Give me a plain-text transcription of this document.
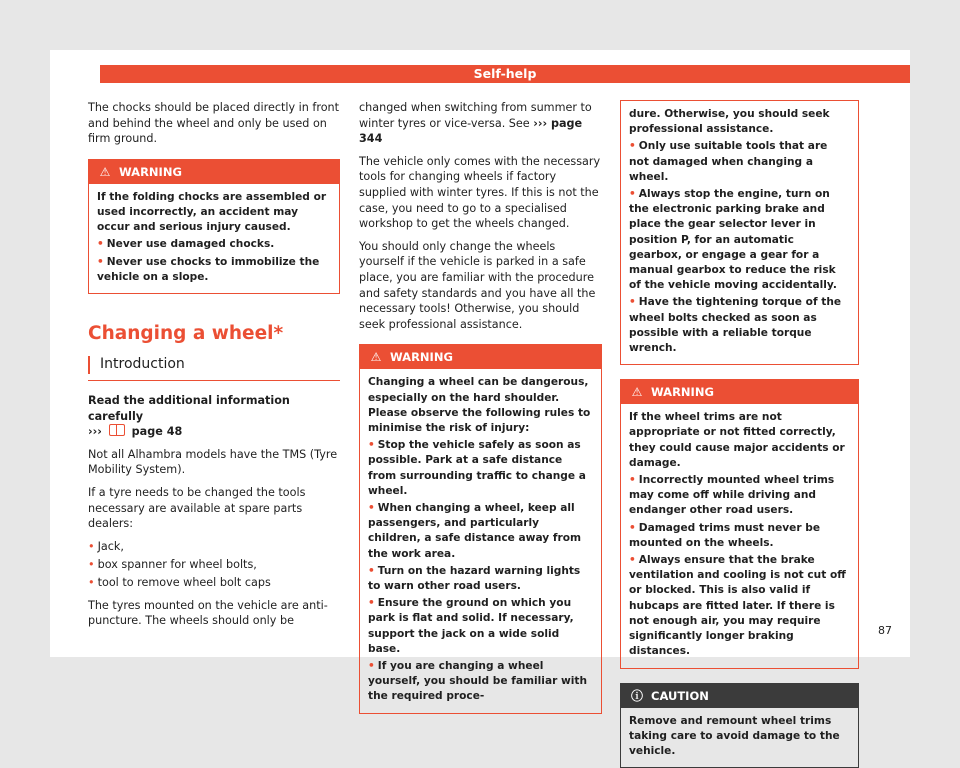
Self-help

The chocks should be placed directly in front and behind the wheel and only be used on firm ground.

⚠ WARNING

If the folding chocks are assembled or used incorrectly, an accident may occur and serious injury caused.

• Never use damaged chocks.

• Never use chocks to immobilize the vehicle on a slope.

Changing a wheel*
Introduction

Read the additional information carefully
›››  page 48

Not all Alhambra models have the TMS (Tyre Mobility System).

If a tyre needs to be changed the tools necessary are available at spare parts dealers:

• Jack,
• box spanner for wheel bolts,
• tool to remove wheel bolt caps

The tyres mounted on the vehicle are anti-puncture. The wheels should only be

changed when switching from summer to winter tyres or vice-versa. See ››› page 344

The vehicle only comes with the necessary tools for changing wheels if factory supplied with winter tyres. If this is not the case, you need to go to a specialised workshop to get the wheels changed.

You should only change the wheels yourself if the vehicle is parked in a safe place, you are familiar with the procedure and safety standards and you have all the necessary tools! Otherwise, you should seek professional assistance.

⚠ WARNING

Changing a wheel can be dangerous, especially on the hard shoulder. Please observe the following rules to minimise the risk of injury:

• Stop the vehicle safely as soon as possible. Park at a safe distance from surrounding traffic to change a wheel.

• When changing a wheel, keep all passengers, and particularly children, a safe distance away from the work area.

• Turn on the hazard warning lights to warn other road users.

• Ensure the ground on which you park is flat and solid. If necessary, support the jack on a wide solid base.

• If you are changing a wheel yourself, you should be familiar with the required proce-

dure. Otherwise, you should seek professional assistance.

• Only use suitable tools that are not damaged when changing a wheel.

• Always stop the engine, turn on the electronic parking brake and place the gear selector lever in position P, for an automatic gearbox, or engage a gear for a manual gearbox to reduce the risk of the vehicle moving accidentally.

• Have the tightening torque of the wheel bolts checked as soon as possible with a reliable torque wrench.

⚠ WARNING

If the wheel trims are not appropriate or not fitted correctly, they could cause major accidents or damage.

• Incorrectly mounted wheel trims may come off while driving and endanger other road users.

• Damaged trims must never be mounted on the wheels.

• Always ensure that the brake ventilation and cooling is not cut off or blocked. This is also valid if hubcaps are fitted later. If there is not enough air, you may require significantly longer braking distances.

ⓘ CAUTION

Remove and remount wheel trims taking care to avoid damage to the vehicle.

87
